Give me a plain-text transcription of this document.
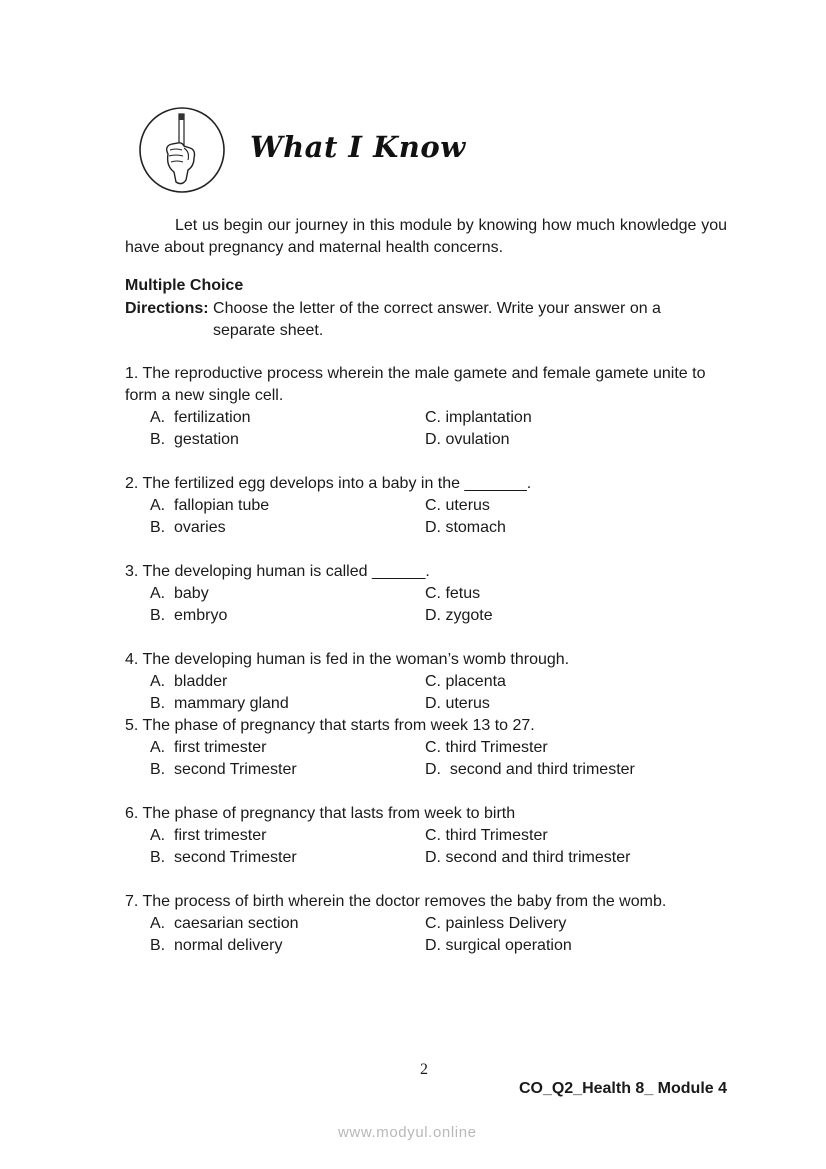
What I Know

Let us begin our journey in this module by knowing how much knowledge you have about pregnancy and maternal health concerns.

Multiple Choice
Directions: Choose the letter of the correct answer. Write your answer on a
separate sheet.
1. The reproductive process wherein the male gamete and female gamete unite to form a new single cell.
A.  fertilization	C. implantation
B.  gestation	D. ovulation
2. The fertilized egg develops into a baby in the _______.
A.  fallopian tube	C. uterus
B.  ovaries	D. stomach
3. The developing human is called ______.
A.  baby	C. fetus
B.  embryo	D. zygote
4. The developing human is fed in the woman’s womb through.
A.  bladder	C. placenta
B.  mammary gland	D. uterus
5. The phase of pregnancy that starts from week 13 to 27.
A.  first trimester	C. third Trimester
B.  second Trimester	D.  second and third trimester
6. The phase of pregnancy that lasts from week to birth
A.  first trimester	C. third Trimester
B.  second Trimester	D. second and third trimester
7. The process of birth wherein the doctor removes the baby from the womb.
A.  caesarian section	C. painless Delivery
B.  normal delivery	D. surgical operation
2
CO_Q2_Health 8_ Module 4
www.modyul.online
